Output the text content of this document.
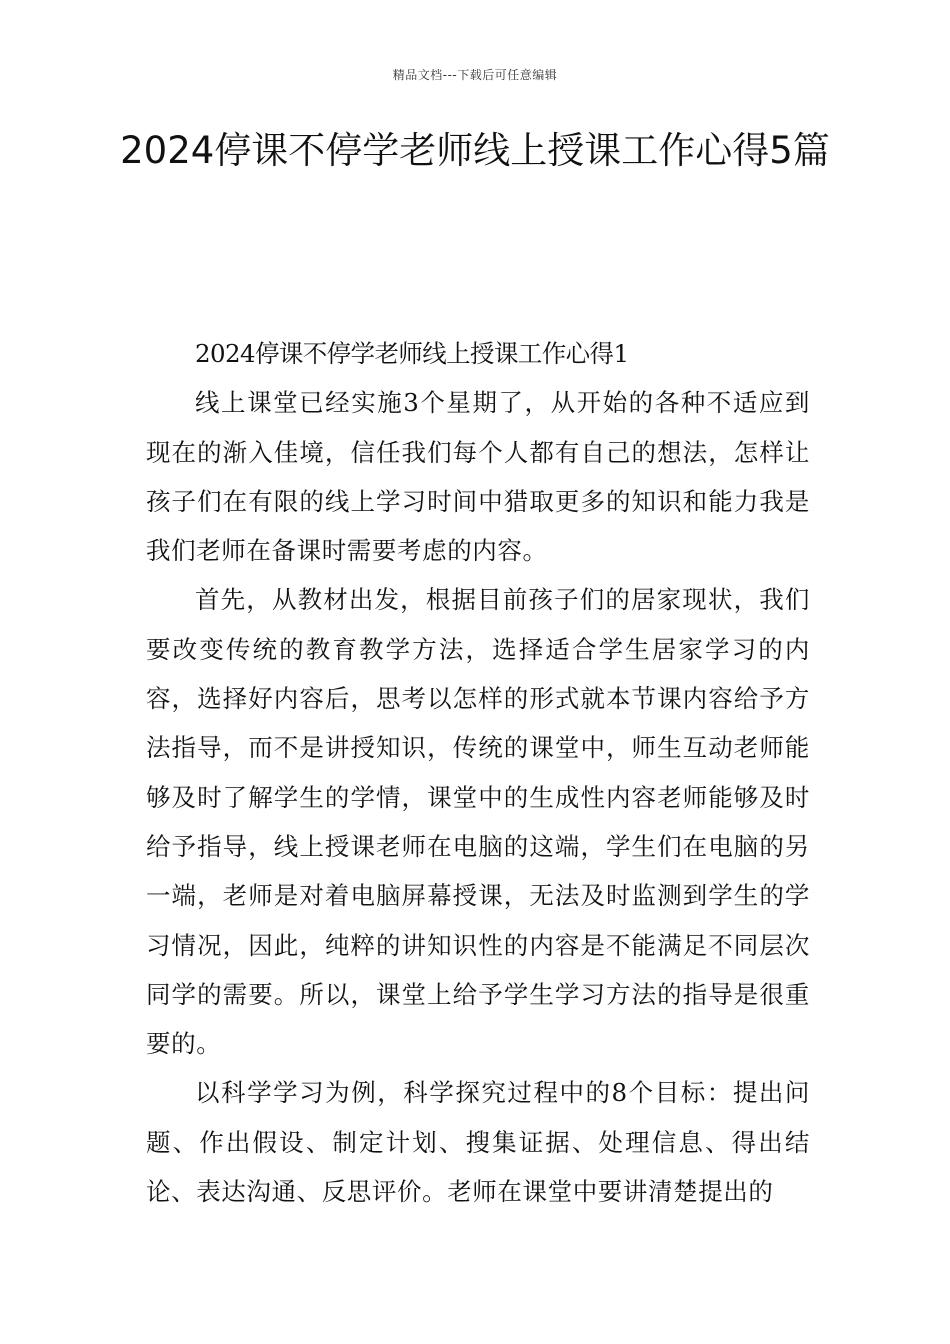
精品文档---下载后可任意编辑
2024停课不停学老师线上授课工作心得5篇

2024停课不停学老师线上授课工作心得1

线上课堂已经实施3个星期了，从开始的各种不适应到现在的渐入佳境，信任我们每个人都有自己的想法，怎样让孩子们在有限的线上学习时间中猎取更多的知识和能力我是我们老师在备课时需要考虑的内容。

首先，从教材出发，根据目前孩子们的居家现状，我们要改变传统的教育教学方法，选择适合学生居家学习的内容，选择好内容后，思考以怎样的形式就本节课内容给予方法指导，而不是讲授知识，传统的课堂中，师生互动老师能够及时了解学生的学情，课堂中的生成性内容老师能够及时给予指导，线上授课老师在电脑的这端，学生们在电脑的另一端，老师是对着电脑屏幕授课，无法及时监测到学生的学习情况，因此，纯粹的讲知识性的内容是不能满足不同层次同学的需要。所以，课堂上给予学生学习方法的指导是很重要的。

以科学学习为例，科学探究过程中的8个目标：提出问题、作出假设、制定计划、搜集证据、处理信息、得出结论、表达沟通、反思评价。老师在课堂中要讲清楚提出的
